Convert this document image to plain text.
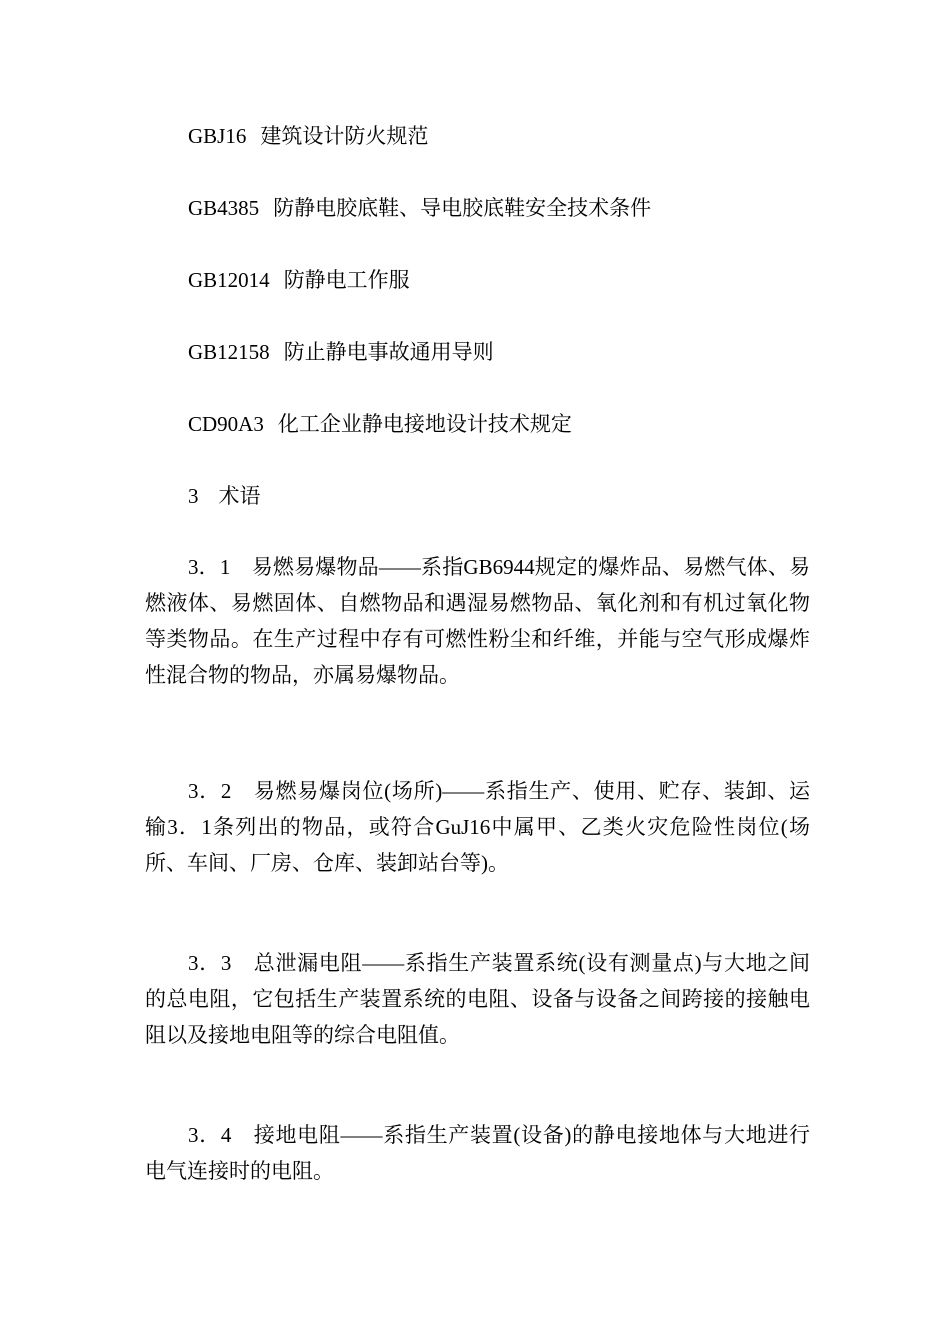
GBJ16 建筑设计防火规范
GB4385 防静电胶底鞋、导电胶底鞋安全技术条件
GB12014 防静电工作服
GB12158 防止静电事故通用导则
CD90A3 化工企业静电接地设计技术规定
3 术语
3．1　 易燃易爆物品——系指GB6944规定的爆炸品、易燃气体、易燃液体、易燃固体、自燃物品和遇湿易燃物品、氧化剂和有机过氧化物等类物品。在生产过程中存有可燃性粉尘和纤维，并能与空气形成爆炸性混合物的物品，亦属易爆物品。
3．2　 易燃易爆岗位(场所)——系指生产、使用、贮存、装卸、运输3．1条列出的物品，或符合GuJ16中属甲、乙类火灾危险性岗位(场所、车间、厂房、仓库、装卸站台等)。
3．3　 总泄漏电阻——系指生产装置系统(设有测量点)与大地之间的总电阻，它包括生产装置系统的电阻、设备与设备之间跨接的接触电阻以及接地电阻等的综合电阻值。
3．4　 接地电阻——系指生产装置(设备)的静电接地体与大地进行电气连接时的电阻。
